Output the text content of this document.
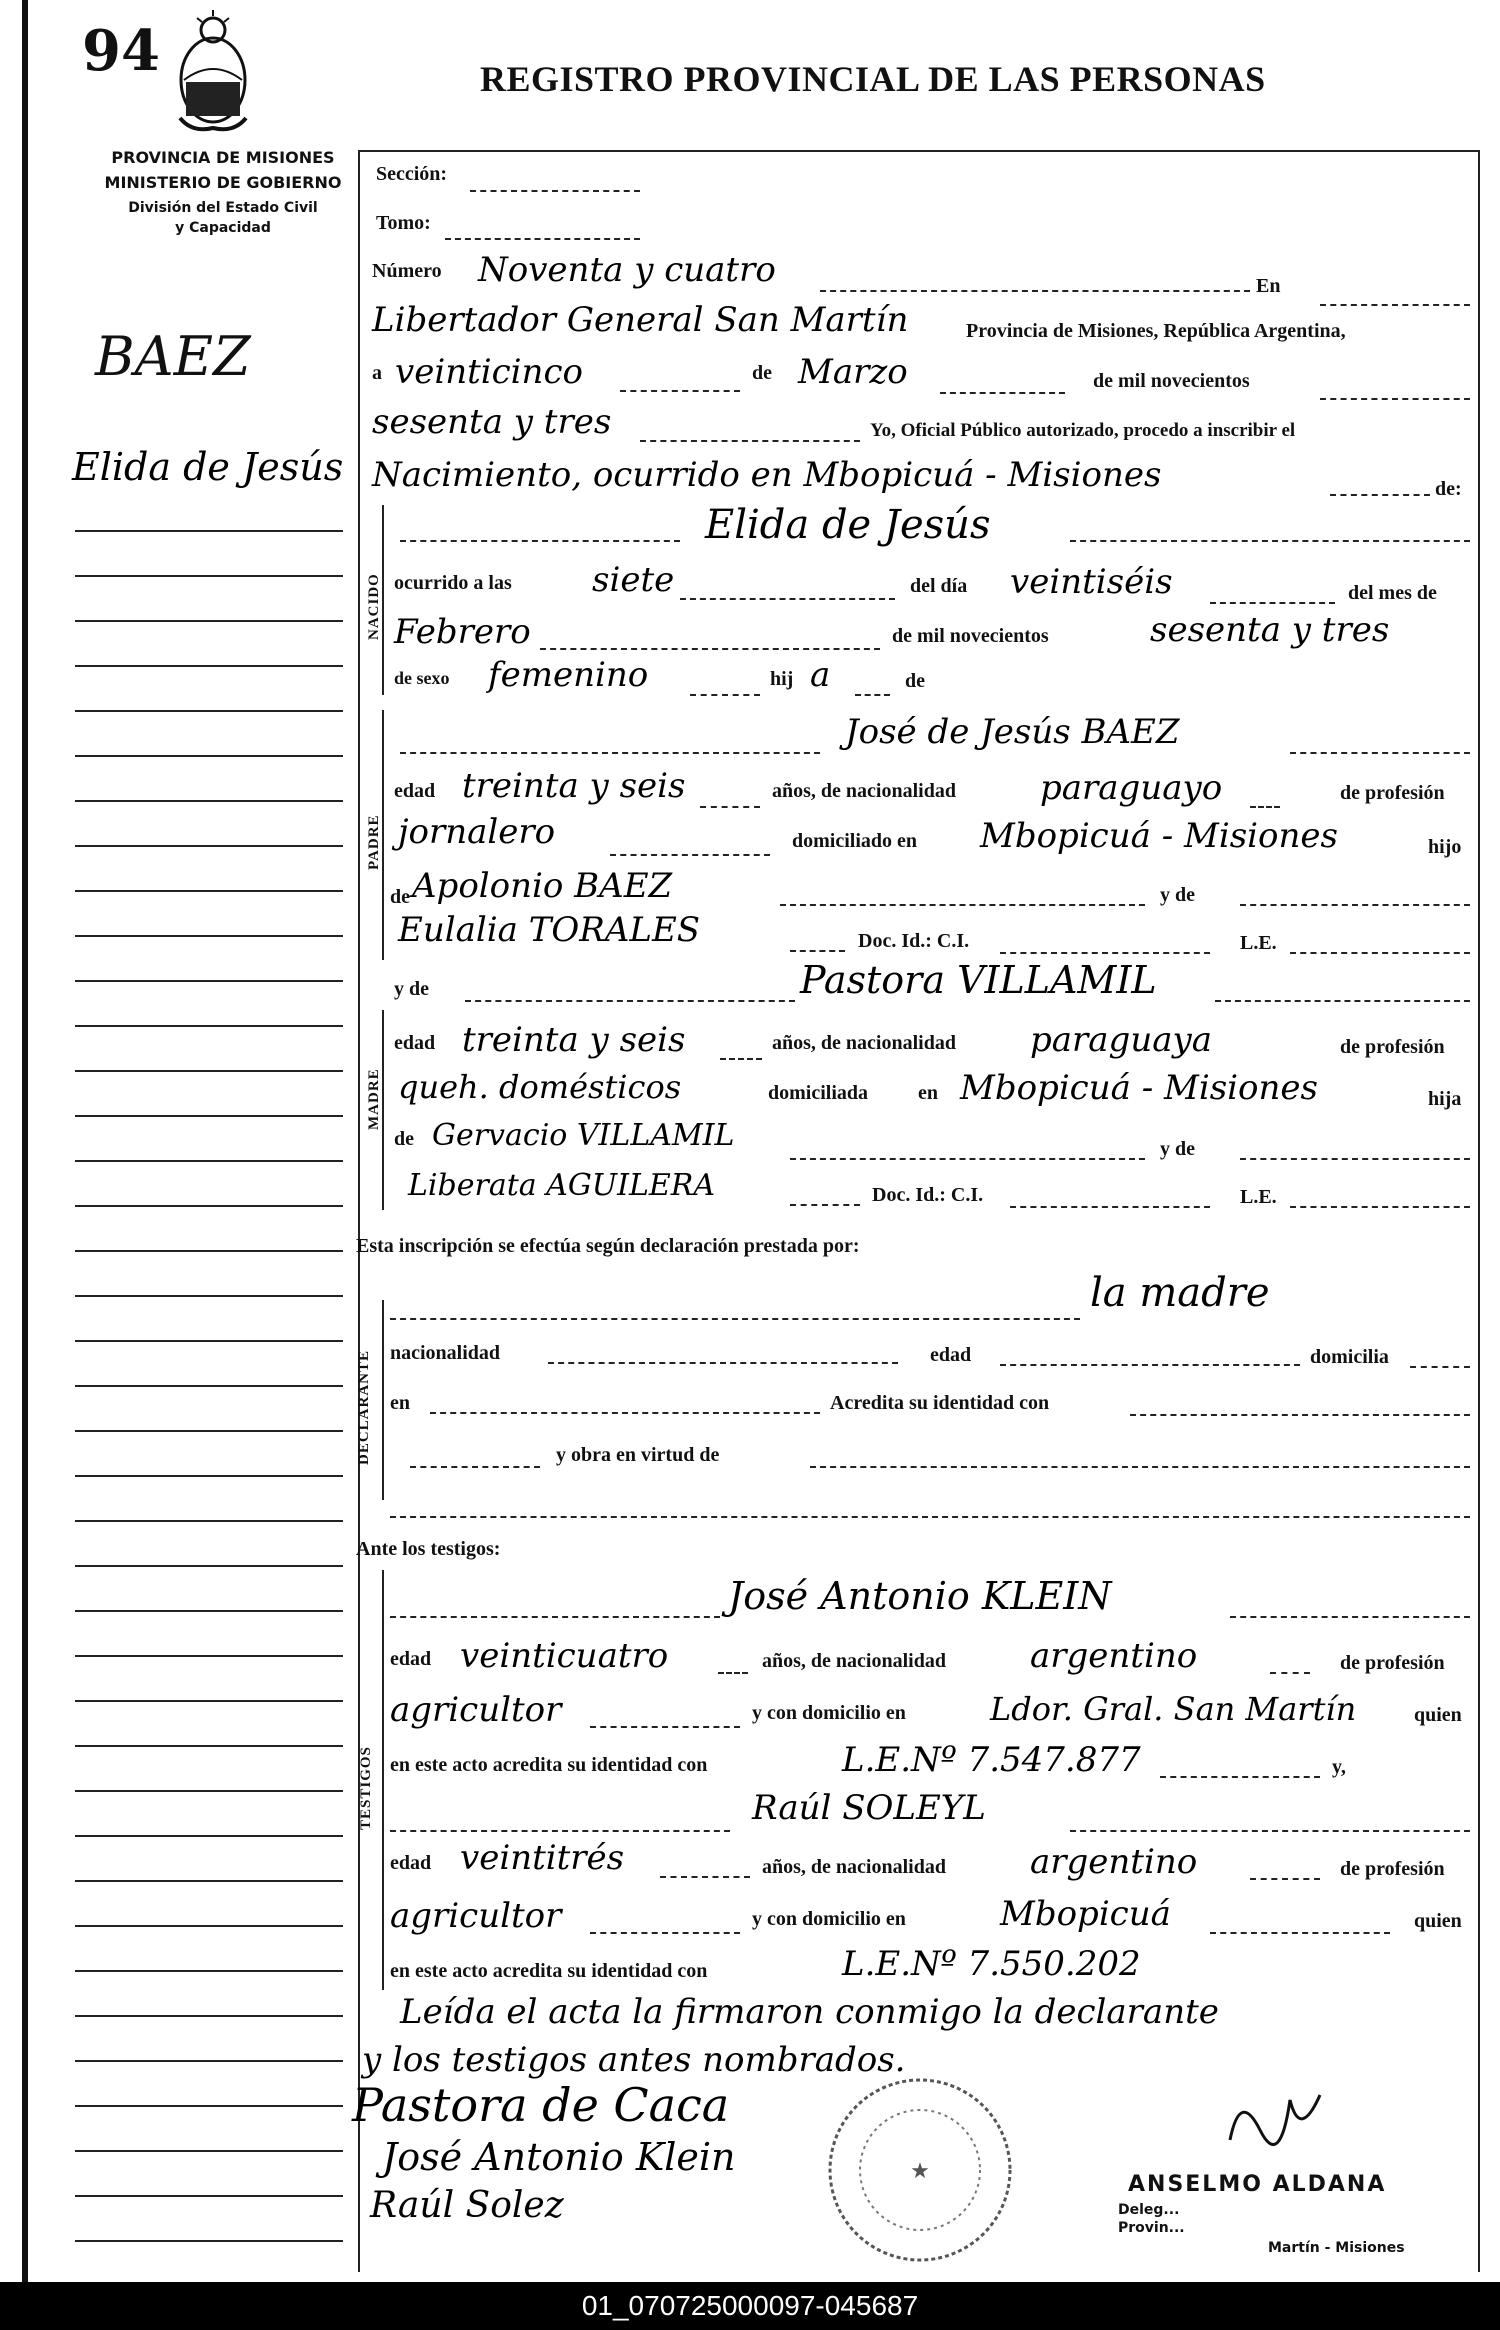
94	REGISTRO PROVINCIAL DE LAS PERSONAS
PROVINCIA DE MISIONES
MINISTERIO DE GOBIERNO
División del Estado Civil
y Capacidad
BAEZ
Elida de Jesús
Sección:
Tomo:
Número Noventa y cuatro	En
Libertador General San Martín	Provincia de Misiones, República Argentina,
a veinticinco	de Marzo	de mil novecientos
sesenta y tres	Yo, Oficial Público autorizado, procedo a inscribir el
Nacimiento, ocurrido en Mbopicuá - Misiones	de:
NACIDO
Elida de Jesús
ocurrido a las siete	del día veintiséis	del mes de
Febrero	de mil novecientos	sesenta y tres
de sexo femenino	hij a	de
PADRE
José de Jesús BAEZ
edad treinta y seis	años, de nacionalidad paraguayo	de profesión
jornalero	domiciliado en Mbopicuá - Misiones	hijo
de Apolonio BAEZ	y de
Eulalia TORALES	Doc. Id.: C.I.	L.E.
MADRE
y de	Pastora VILLAMIL
edad treinta y seis	años, de nacionalidad paraguaya	de profesión
queh. domésticos	domiciliada en Mbopicuá - Misiones	hija
de Gervacio VILLAMIL	y de
Liberata AGUILERA	Doc. Id.: C.I.	L.E.
Esta inscripción se efectúa según declaración prestada por:
DECLARANTE
la madre
nacionalidad	edad	domicilia
en	Acredita su identidad con
y obra en virtud de
Ante los testigos:
TESTIGOS
José Antonio KLEIN
edad veinticuatro	años, de nacionalidad argentino	de profesión
agricultor	y con domicilio en	Ldor. Gral. San Martín	quien
en este acto acredita su identidad con	L.E.Nº 7.547.877	y,
Raúl SOLEYL
edad veintitrés	años, de nacionalidad argentino	de profesión
agricultor	y con domicilio en	Mbopicuá	quien
en este acto acredita su identidad con	L.E.Nº 7.550.202
Leída el acta la firmaron conmigo la declarante
y los testigos antes nombrados.
Pastora de Caca
José Antonio Klein
Raúl Solez
★
ANSELMO ALDANA
Deleg...
Provin...
Martín - Misiones
01_070725000097-045687
